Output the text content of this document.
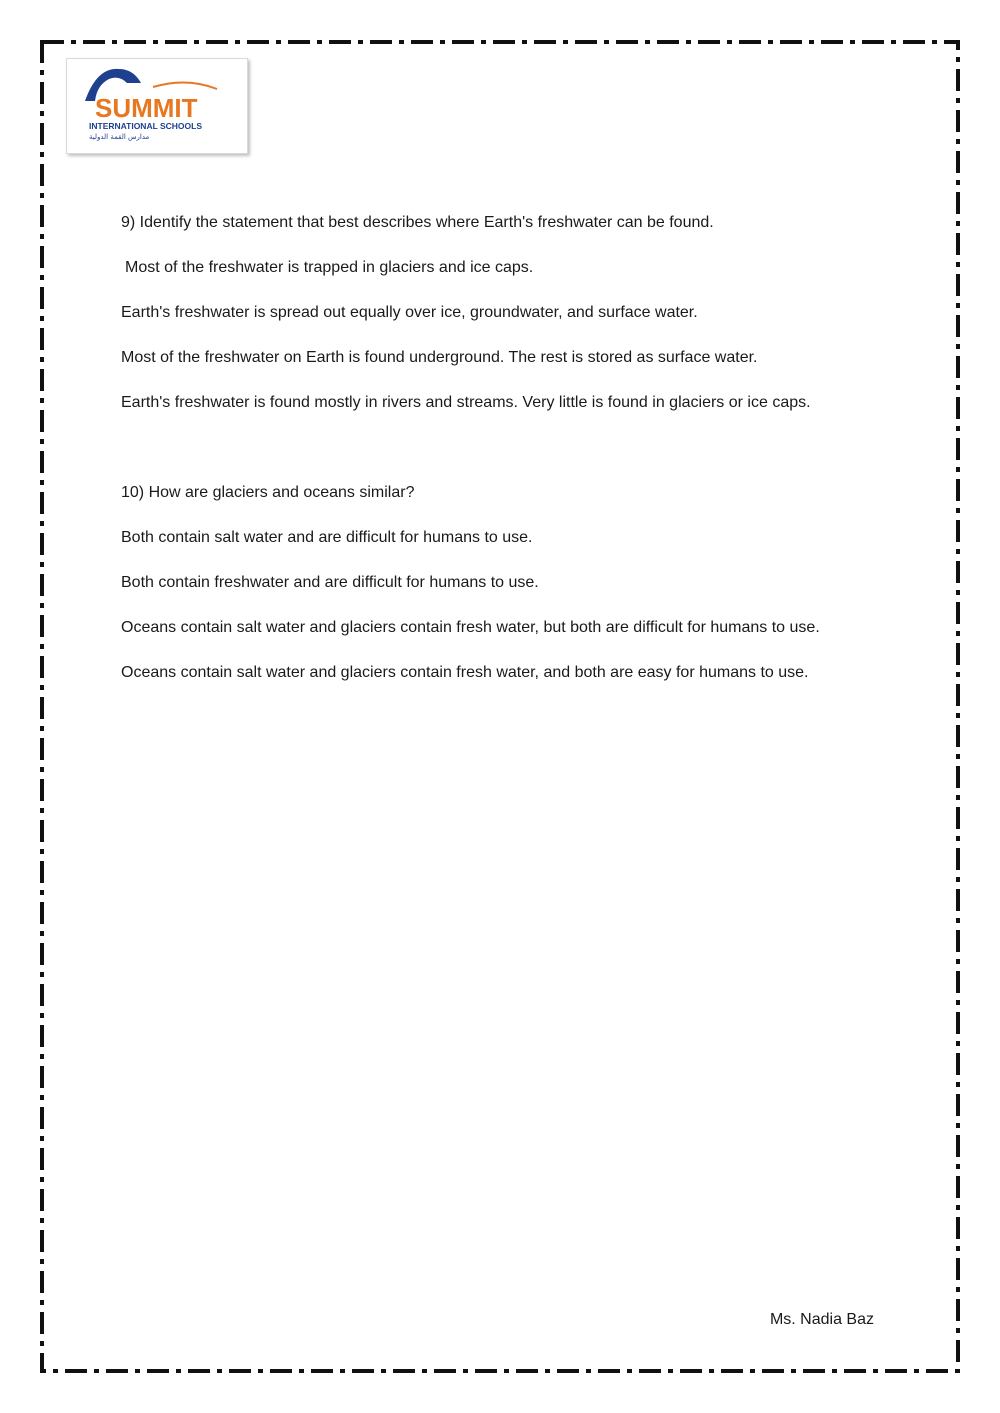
SUMMIT
INTERNATIONAL SCHOOLS
مدارس القمة الدولية

9) Identify the statement that best describes where Earth's freshwater can be found.

Most of the freshwater is trapped in glaciers and ice caps.

Earth's freshwater is spread out equally over ice, groundwater, and surface water.

Most of the freshwater on Earth is found underground. The rest is stored as surface water.

Earth's freshwater is found mostly in rivers and streams. Very little is found in glaciers or ice caps.

10) How are glaciers and oceans similar?

Both contain salt water and are difficult for humans to use.

Both contain freshwater and are difficult for humans to use.

Oceans contain salt water and glaciers contain fresh water, but both are difficult for humans to use.

Oceans contain salt water and glaciers contain fresh water, and both are easy for humans to use.

Ms. Nadia Baz
